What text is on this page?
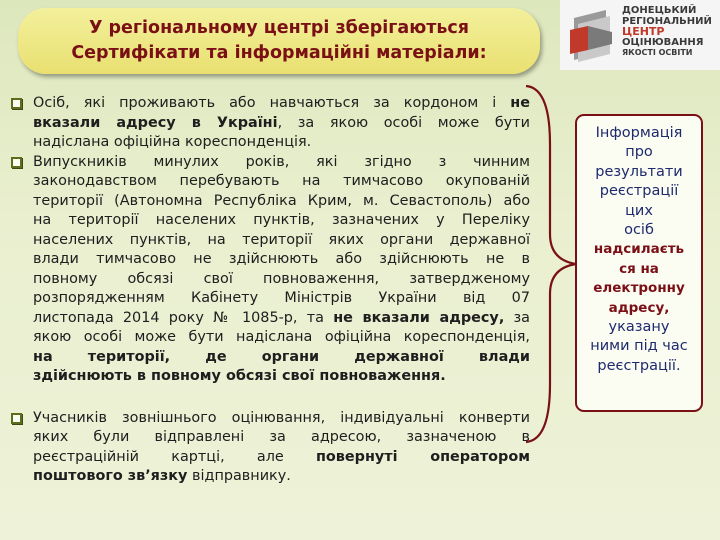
У регіональному центрі зберігаються
Сертифікати та інформаційні матеріали:
ДОНЕЦЬКИЙ
РЕГІОНАЛЬНИЙ
ЦЕНТР
ОЦІНЮВАННЯ
ЯКОСТІ ОСВІТИ
Осіб, які проживають або навчаються за кордоном і не
вказали адресу в Україні, за якою особі може бути
надіслана офіційна кореспонденція.
Випускників минулих років, які згідно з чинним
законодавством перебувають на тимчасово окупованій
території (Автономна Республіка Крим, м. Севастополь) або
на території населених пунктів, зазначених у Переліку
населених пунктів, на території яких органи державної
влади тимчасово не здійснюють або здійснюють не в
повному обсязі свої повноваження, затвердженому
розпорядженням Кабінету Міністрів України від 07
листопада 2014 року № 1085-р, та не вказали адресу, за
якою особі може бути надіслана офіційна кореспонденція,
на території, де органи державної влади
здійснюють в повному обсязі свої повноваження.
Учасників зовнішнього оцінювання, індивідуальні конверти
яких були відправлені за адресою, зазначеною в
реєстраційній картці, але повернуті оператором
поштового зв’язку відправнику.
Інформація
про
результати
реєстрації
цих
осіб
надсилаєть
ся на
електронну
адресу,
указану
ними під час
реєстрації.
